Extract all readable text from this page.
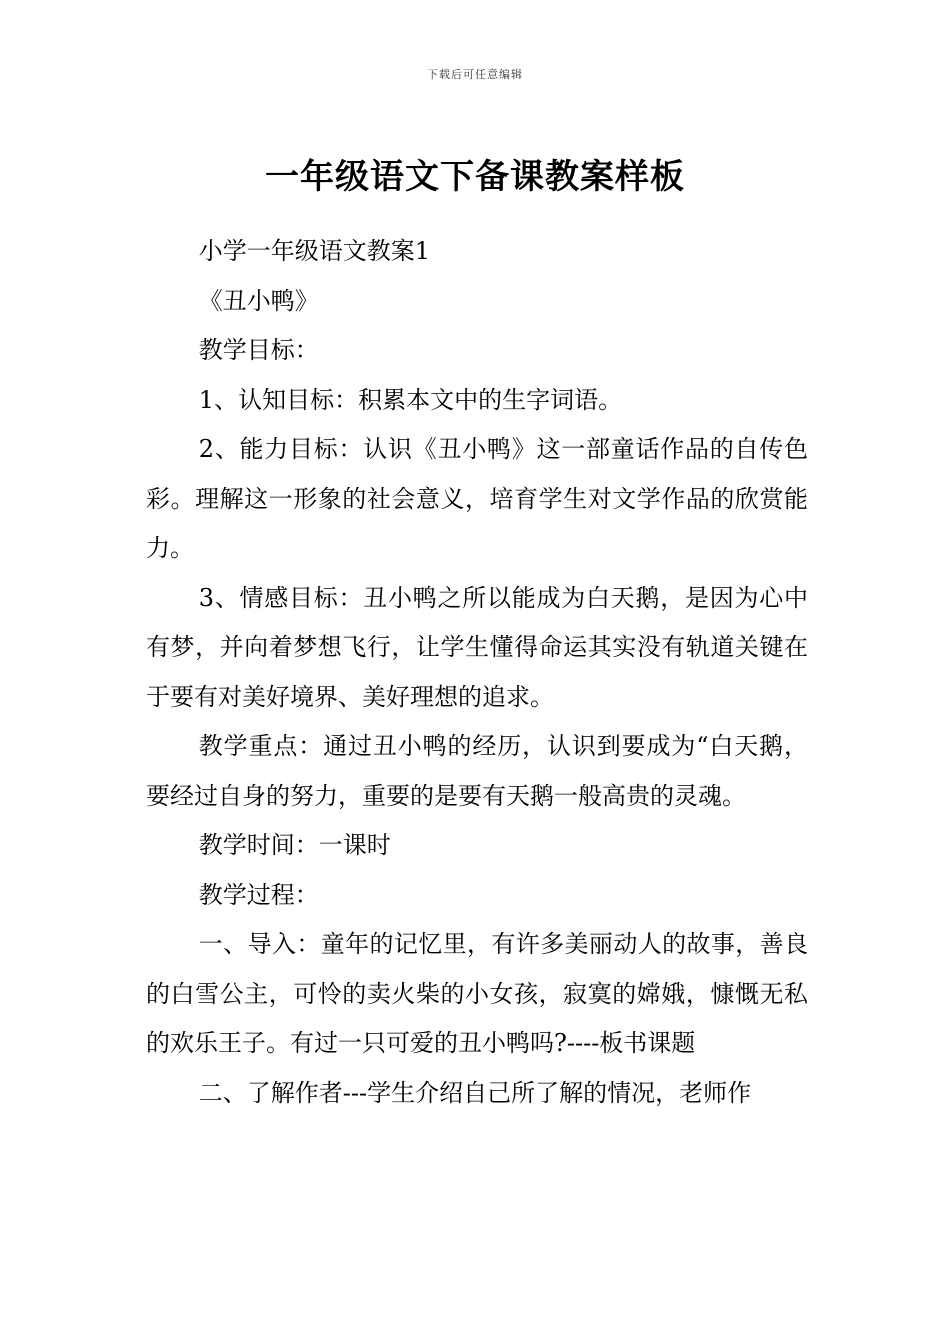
下载后可任意编辑
一年级语文下备课教案样板

小学一年级语文教案1

《丑小鸭》

教学目标：

1、认知目标：积累本文中的生字词语。

2、能力目标：认识《丑小鸭》这一部童话作品的自传色彩。理解这一形象的社会意义，培育学生对文学作品的欣赏能力。

3、情感目标：丑小鸭之所以能成为白天鹅，是因为心中有梦，并向着梦想飞行，让学生懂得命运其实没有轨道关键在于要有对美好境界、美好理想的追求。

教学重点：通过丑小鸭的经历，认识到要成为“白天鹅，要经过自身的努力，重要的是要有天鹅一般高贵的灵魂。

教学时间：一课时

教学过程：

一、导入：童年的记忆里，有许多美丽动人的故事，善良的白雪公主，可怜的卖火柴的小女孩，寂寞的嫦娥，慷慨无私的欢乐王子。有过一只可爱的丑小鸭吗?----板书课题

二、了解作者---学生介绍自己所了解的情况，老师作
